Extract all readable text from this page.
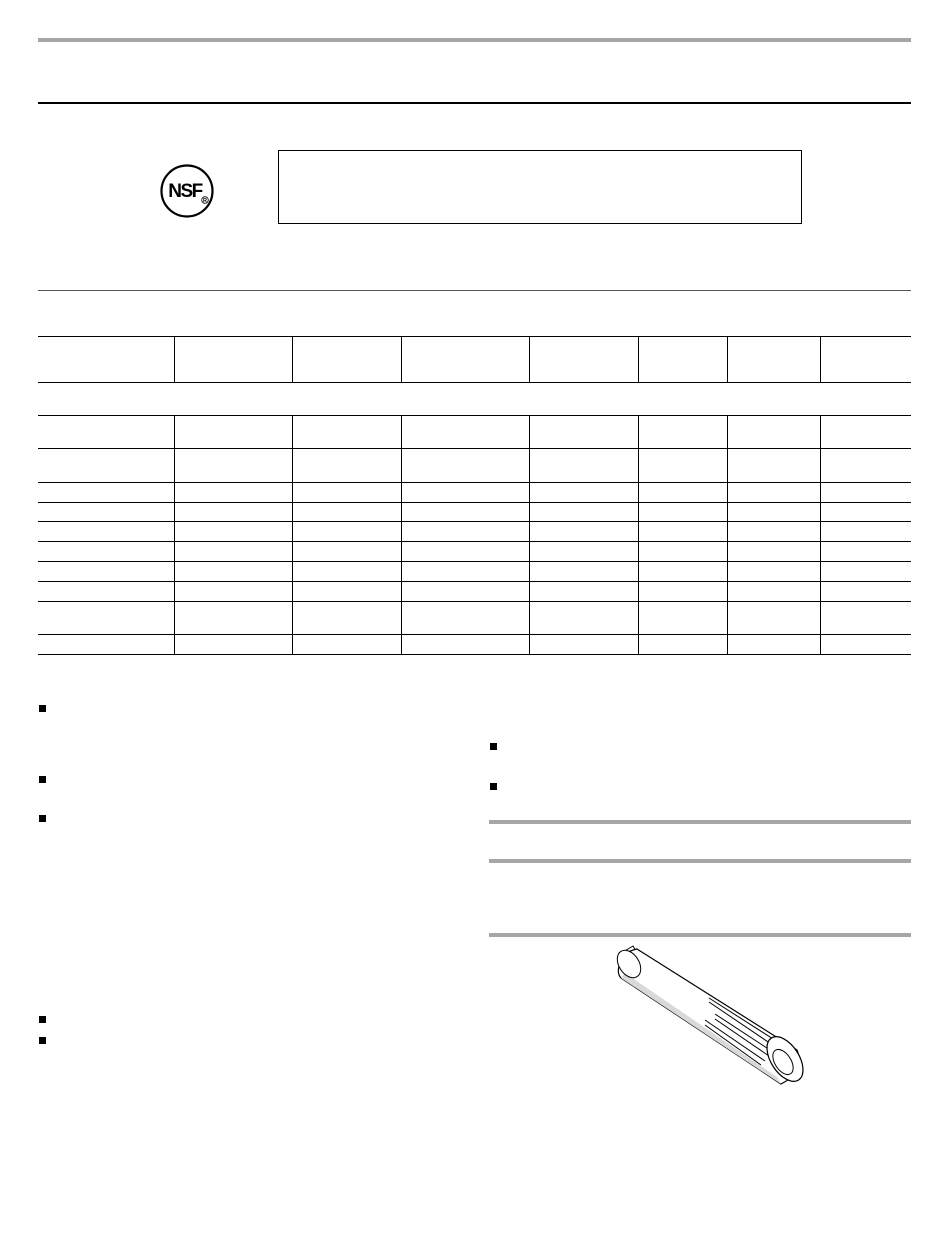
NSF R
